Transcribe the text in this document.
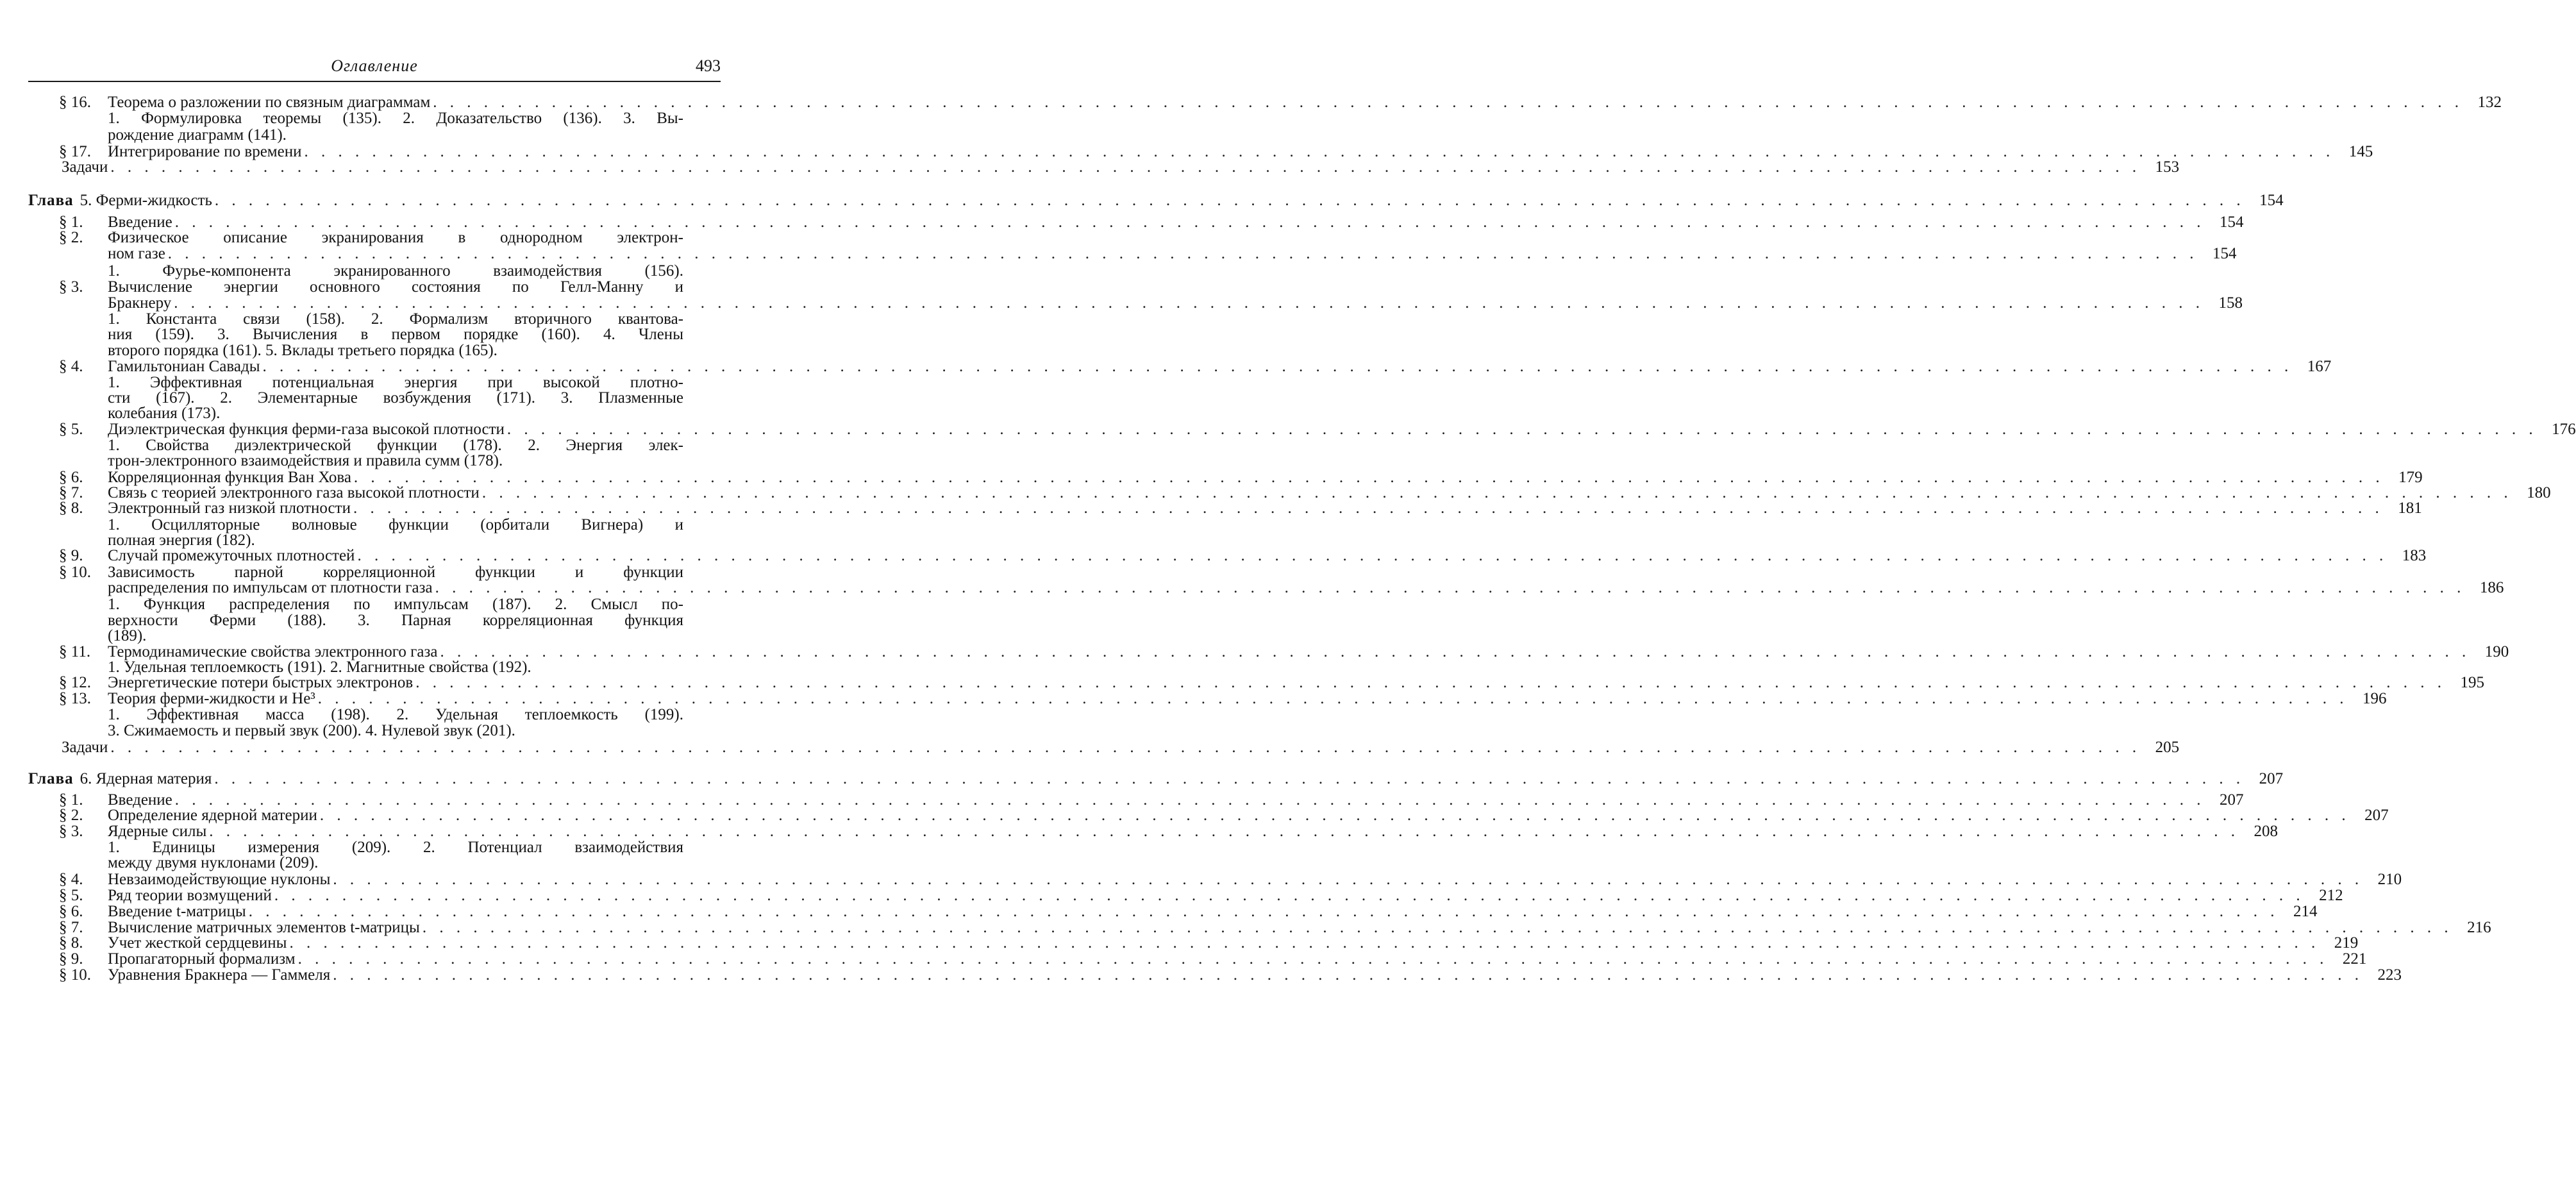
Оглавление	493
§ 16. Теорема о разложении по связным диаграммам . . . . . . . . . . . . . . . . . . . . . . . . . . . . . . . . . . . . . . . . . . . . . . . . . . . . . . . . . . . . . . . . . . . . . . . . . . . . . . . . . . . . . . . . . . . . . . . . . . . . . . . . . . . . . . . . . . . . . . . . 132
1. Формулировка теоремы (135). 2. Доказательство (136). 3. Вы-
рождение диаграмм (141).
§ 17. Интегрирование по времени . . . . . . . . . . . . . . . . . . . . . . . . . . . . . . . . . . . . . . . . . . . . . . . . . . . . . . . . . . . . . . . . . . . . . . . . . . . . . . . . . . . . . . . . . . . . . . . . . . . . . . . . . . . . . . . . . . . . . . . . 145
Задачи . . . . . . . . . . . . . . . . . . . . . . . . . . . . . . . . . . . . . . . . . . . . . . . . . . . . . . . . . . . . . . . . . . . . . . . . . . . . . . . . . . . . . . . . . . . . . . . . . . . . . . . . . . . . . . . . . . . . . . . . 153
Глава 5. Ферми-жидкость . . . . . . . . . . . . . . . . . . . . . . . . . . . . . . . . . . . . . . . . . . . . . . . . . . . . . . . . . . . . . . . . . . . . . . . . . . . . . . . . . . . . . . . . . . . . . . . . . . . . . . . . . . . . . . . . . . . . . . . . 154
§ 1. Введение . . . . . . . . . . . . . . . . . . . . . . . . . . . . . . . . . . . . . . . . . . . . . . . . . . . . . . . . . . . . . . . . . . . . . . . . . . . . . . . . . . . . . . . . . . . . . . . . . . . . . . . . . . . . . . . . . . . . . . . . 154
§ 2. Физическое описание экранирования в однородном электрон-
ном газе . . . . . . . . . . . . . . . . . . . . . . . . . . . . . . . . . . . . . . . . . . . . . . . . . . . . . . . . . . . . . . . . . . . . . . . . . . . . . . . . . . . . . . . . . . . . . . . . . . . . . . . . . . . . . . . . . . . . . . . . 154
1. Фурье-компонента экранированного взаимодействия (156).
§ 3. Вычисление энергии основного состояния по Гелл-Манну и
Бракнеру . . . . . . . . . . . . . . . . . . . . . . . . . . . . . . . . . . . . . . . . . . . . . . . . . . . . . . . . . . . . . . . . . . . . . . . . . . . . . . . . . . . . . . . . . . . . . . . . . . . . . . . . . . . . . . . . . . . . . . . . 158
1. Константа связи (158). 2. Формализм вторичного квантова-
ния (159). 3. Вычисления в первом порядке (160). 4. Члены
второго порядка (161). 5. Вклады третьего порядка (165).
§ 4. Гамильтониан Савады . . . . . . . . . . . . . . . . . . . . . . . . . . . . . . . . . . . . . . . . . . . . . . . . . . . . . . . . . . . . . . . . . . . . . . . . . . . . . . . . . . . . . . . . . . . . . . . . . . . . . . . . . . . . . . . . . . . . . . . . 167
1. Эффективная потенциальная энергия при высокой плотно-
сти (167). 2. Элементарные возбуждения (171). 3. Плазменные
колебания (173).
§ 5. Диэлектрическая функция ферми-газа высокой плотности . . . . . . . . . . . . . . . . . . . . . . . . . . . . . . . . . . . . . . . . . . . . . . . . . . . . . . . . . . . . . . . . . . . . . . . . . . . . . . . . . . . . . . . . . . . . . . . . . . . . . . . . . . . . . . . . . . . . . . . . 176
1. Свойства диэлектрической функции (178). 2. Энергия элек-
трон-электронного взаимодействия и правила сумм (178).
§ 6. Корреляционная функция Ван Хова . . . . . . . . . . . . . . . . . . . . . . . . . . . . . . . . . . . . . . . . . . . . . . . . . . . . . . . . . . . . . . . . . . . . . . . . . . . . . . . . . . . . . . . . . . . . . . . . . . . . . . . . . . . . . . . . . . . . . . . . 179
§ 7. Связь с теорией электронного газа высокой плотности . . . . . . . . . . . . . . . . . . . . . . . . . . . . . . . . . . . . . . . . . . . . . . . . . . . . . . . . . . . . . . . . . . . . . . . . . . . . . . . . . . . . . . . . . . . . . . . . . . . . . . . . . . . . . . . . . . . . . . . . 180
§ 8. Электронный газ низкой плотности . . . . . . . . . . . . . . . . . . . . . . . . . . . . . . . . . . . . . . . . . . . . . . . . . . . . . . . . . . . . . . . . . . . . . . . . . . . . . . . . . . . . . . . . . . . . . . . . . . . . . . . . . . . . . . . . . . . . . . . . 181
1. Осцилляторные волновые функции (орбитали Вигнера) и
полная энергия (182).
§ 9. Случай промежуточных плотностей . . . . . . . . . . . . . . . . . . . . . . . . . . . . . . . . . . . . . . . . . . . . . . . . . . . . . . . . . . . . . . . . . . . . . . . . . . . . . . . . . . . . . . . . . . . . . . . . . . . . . . . . . . . . . . . . . . . . . . . . 183
§ 10. Зависимость парной корреляционной функции и функции
распределения по импульсам от плотности газа . . . . . . . . . . . . . . . . . . . . . . . . . . . . . . . . . . . . . . . . . . . . . . . . . . . . . . . . . . . . . . . . . . . . . . . . . . . . . . . . . . . . . . . . . . . . . . . . . . . . . . . . . . . . . . . . . . . . . . . . 186
1. Функция распределения по импульсам (187). 2. Смысл по-
верхности Ферми (188). 3. Парная корреляционная функция
(189).
§ 11. Термодинамические свойства электронного газа . . . . . . . . . . . . . . . . . . . . . . . . . . . . . . . . . . . . . . . . . . . . . . . . . . . . . . . . . . . . . . . . . . . . . . . . . . . . . . . . . . . . . . . . . . . . . . . . . . . . . . . . . . . . . . . . . . . . . . . . 190
1. Удельная теплоемкость (191). 2. Магнитные свойства (192).
§ 12. Энергетические потери быстрых электронов . . . . . . . . . . . . . . . . . . . . . . . . . . . . . . . . . . . . . . . . . . . . . . . . . . . . . . . . . . . . . . . . . . . . . . . . . . . . . . . . . . . . . . . . . . . . . . . . . . . . . . . . . . . . . . . . . . . . . . . . 195
§ 13. Теория ферми-жидкости и He³ . . . . . . . . . . . . . . . . . . . . . . . . . . . . . . . . . . . . . . . . . . . . . . . . . . . . . . . . . . . . . . . . . . . . . . . . . . . . . . . . . . . . . . . . . . . . . . . . . . . . . . . . . . . . . . . . . . . . . . . . 196
1. Эффективная масса (198). 2. Удельная теплоемкость (199).
3. Сжимаемость и первый звук (200). 4. Нулевой звук (201).
Задачи . . . . . . . . . . . . . . . . . . . . . . . . . . . . . . . . . . . . . . . . . . . . . . . . . . . . . . . . . . . . . . . . . . . . . . . . . . . . . . . . . . . . . . . . . . . . . . . . . . . . . . . . . . . . . . . . . . . . . . . . 205
Глава 6. Ядерная материя . . . . . . . . . . . . . . . . . . . . . . . . . . . . . . . . . . . . . . . . . . . . . . . . . . . . . . . . . . . . . . . . . . . . . . . . . . . . . . . . . . . . . . . . . . . . . . . . . . . . . . . . . . . . . . . . . . . . . . . . 207
§ 1. Введение . . . . . . . . . . . . . . . . . . . . . . . . . . . . . . . . . . . . . . . . . . . . . . . . . . . . . . . . . . . . . . . . . . . . . . . . . . . . . . . . . . . . . . . . . . . . . . . . . . . . . . . . . . . . . . . . . . . . . . . . 207
§ 2. Определение ядерной материи . . . . . . . . . . . . . . . . . . . . . . . . . . . . . . . . . . . . . . . . . . . . . . . . . . . . . . . . . . . . . . . . . . . . . . . . . . . . . . . . . . . . . . . . . . . . . . . . . . . . . . . . . . . . . . . . . . . . . . . . 207
§ 3. Ядерные силы . . . . . . . . . . . . . . . . . . . . . . . . . . . . . . . . . . . . . . . . . . . . . . . . . . . . . . . . . . . . . . . . . . . . . . . . . . . . . . . . . . . . . . . . . . . . . . . . . . . . . . . . . . . . . . . . . . . . . . . . 208
1. Единицы измерения (209). 2. Потенциал взаимодействия
между двумя нуклонами (209).
§ 4. Невзаимодействующие нуклоны . . . . . . . . . . . . . . . . . . . . . . . . . . . . . . . . . . . . . . . . . . . . . . . . . . . . . . . . . . . . . . . . . . . . . . . . . . . . . . . . . . . . . . . . . . . . . . . . . . . . . . . . . . . . . . . . . . . . . . . . 210
§ 5. Ряд теории возмущений . . . . . . . . . . . . . . . . . . . . . . . . . . . . . . . . . . . . . . . . . . . . . . . . . . . . . . . . . . . . . . . . . . . . . . . . . . . . . . . . . . . . . . . . . . . . . . . . . . . . . . . . . . . . . . . . . . . . . . . . 212
§ 6. Введение t-матрицы . . . . . . . . . . . . . . . . . . . . . . . . . . . . . . . . . . . . . . . . . . . . . . . . . . . . . . . . . . . . . . . . . . . . . . . . . . . . . . . . . . . . . . . . . . . . . . . . . . . . . . . . . . . . . . . . . . . . . . . . 214
§ 7. Вычисление матричных элементов t-матрицы . . . . . . . . . . . . . . . . . . . . . . . . . . . . . . . . . . . . . . . . . . . . . . . . . . . . . . . . . . . . . . . . . . . . . . . . . . . . . . . . . . . . . . . . . . . . . . . . . . . . . . . . . . . . . . . . . . . . . . . . 216
§ 8. Учет жесткой сердцевины . . . . . . . . . . . . . . . . . . . . . . . . . . . . . . . . . . . . . . . . . . . . . . . . . . . . . . . . . . . . . . . . . . . . . . . . . . . . . . . . . . . . . . . . . . . . . . . . . . . . . . . . . . . . . . . . . . . . . . . . 219
§ 9. Пропагаторный формализм . . . . . . . . . . . . . . . . . . . . . . . . . . . . . . . . . . . . . . . . . . . . . . . . . . . . . . . . . . . . . . . . . . . . . . . . . . . . . . . . . . . . . . . . . . . . . . . . . . . . . . . . . . . . . . . . . . . . . . . . 221
§ 10. Уравнения Бракнера — Гаммеля . . . . . . . . . . . . . . . . . . . . . . . . . . . . . . . . . . . . . . . . . . . . . . . . . . . . . . . . . . . . . . . . . . . . . . . . . . . . . . . . . . . . . . . . . . . . . . . . . . . . . . . . . . . . . . . . . . . . . . . . 223
